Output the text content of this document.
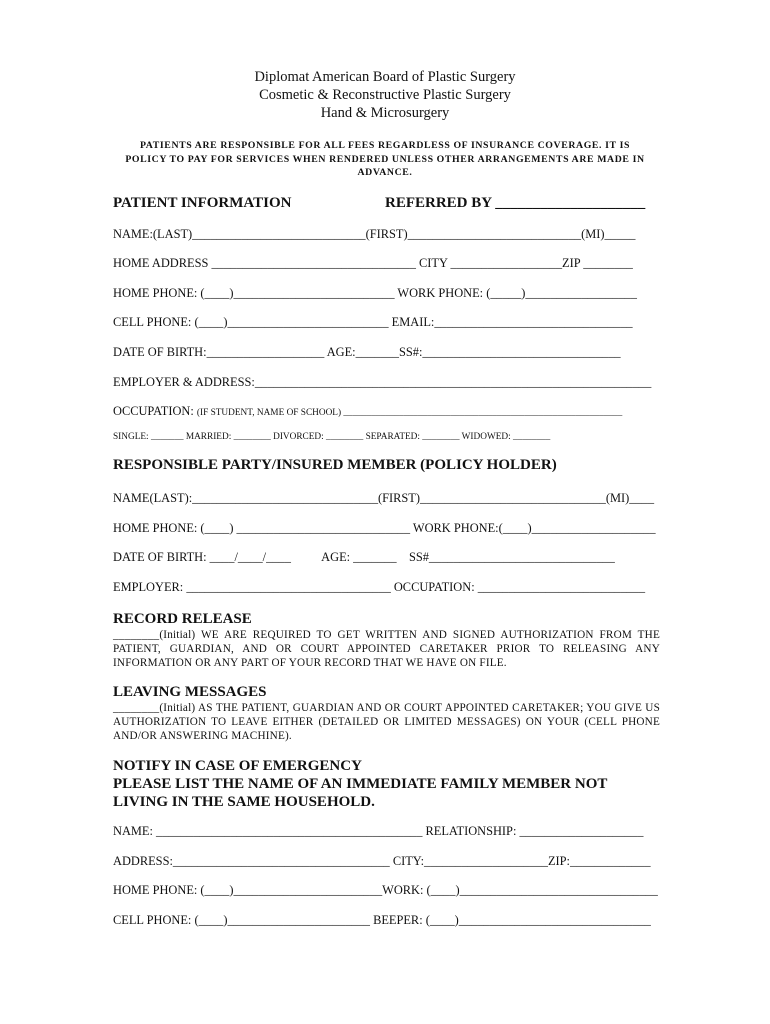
Diplomat American Board of Plastic Surgery
Cosmetic & Reconstructive Plastic Surgery
Hand & Microsurgery
PATIENTS ARE RESPONSIBLE FOR ALL FEES REGARDLESS OF INSURANCE COVERAGE. IT IS POLICY TO PAY FOR SERVICES WHEN RENDERED UNLESS OTHER ARRANGEMENTS ARE MADE IN ADVANCE.
PATIENT INFORMATION	REFERRED BY ____________________
NAME:(LAST)____________________________(FIRST)____________________________(MI)_____
HOME ADDRESS _________________________________ CITY __________________ZIP ________
HOME PHONE: (____)__________________________ WORK PHONE: (_____)__________________
CELL PHONE: (____)__________________________ EMAIL:________________________________
DATE OF BIRTH:___________________ AGE:_______SS#:________________________________
EMPLOYER & ADDRESS:________________________________________________________________
OCCUPATION: (IF STUDENT, NAME OF SCHOOL) ____________________________________________________________
SINGLE: _______ MARRIED: ________ DIVORCED: ________ SEPARATED: ________ WIDOWED: ________
RESPONSIBLE PARTY/INSURED MEMBER (POLICY HOLDER)
NAME(LAST):______________________________(FIRST)______________________________(MI)____
HOME PHONE: (____) ____________________________ WORK PHONE:(____)____________________
DATE OF BIRTH: ____/____/____          AGE: _______    SS#______________________________
EMPLOYER: _________________________________ OCCUPATION: ___________________________
RECORD RELEASE
________(Initial) WE ARE REQUIRED TO GET WRITTEN AND SIGNED AUTHORIZATION FROM THE PATIENT, GUARDIAN, AND OR COURT APPOINTED CARETAKER PRIOR TO RELEASING ANY INFORMATION OR ANY PART OF YOUR RECORD THAT WE HAVE ON FILE.
LEAVING MESSAGES
________(Initial) AS THE PATIENT, GUARDIAN AND OR COURT APPOINTED CARETAKER; YOU GIVE US AUTHORIZATION TO LEAVE EITHER (DETAILED OR LIMITED MESSAGES) ON YOUR (CELL PHONE AND/OR ANSWERING MACHINE).
NOTIFY IN CASE OF EMERGENCY
PLEASE LIST THE NAME OF AN IMMEDIATE FAMILY MEMBER NOT
LIVING IN THE SAME HOUSEHOLD.
NAME: ___________________________________________ RELATIONSHIP: ____________________
ADDRESS:___________________________________ CITY:____________________ZIP:_____________
HOME PHONE: (____)________________________WORK: (____)________________________________
CELL PHONE: (____)_______________________ BEEPER: (____)_______________________________
